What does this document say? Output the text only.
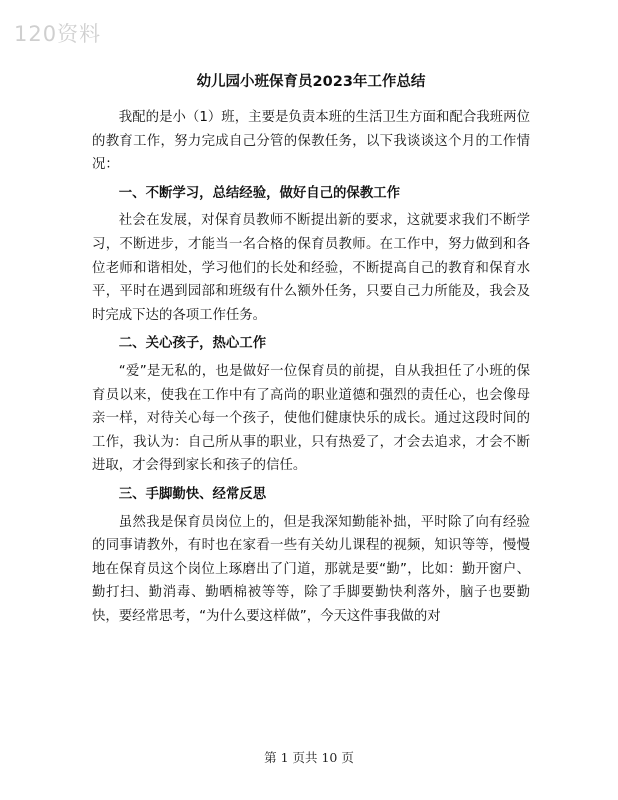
120资料
幼儿园小班保育员2023年工作总结

我配的是小（1）班，主要是负责本班的生活卫生方面和配合我班两位的教育工作，努力完成自己分管的保教任务，以下我谈谈这个月的工作情况：

一、不断学习，总结经验，做好自己的保教工作

社会在发展，对保育员教师不断提出新的要求，这就要求我们不断学习，不断进步，才能当一名合格的保育员教师。在工作中，努力做到和各位老师和谐相处，学习他们的长处和经验，不断提高自己的教育和保育水平，平时在遇到园部和班级有什么额外任务，只要自己力所能及，我会及时完成下达的各项工作任务。

二、关心孩子，热心工作

“爱”是无私的，也是做好一位保育员的前提，自从我担任了小班的保育员以来，使我在工作中有了高尚的职业道德和强烈的责任心，也会像母亲一样，对待关心每一个孩子，使他们健康快乐的成长。通过这段时间的工作，我认为：自己所从事的职业，只有热爱了，才会去追求，才会不断进取，才会得到家长和孩子的信任。

三、手脚勤快、经常反思

虽然我是保育员岗位上的，但是我深知勤能补拙，平时除了向有经验的同事请教外，有时也在家看一些有关幼儿课程的视频，知识等等，慢慢地在保育员这个岗位上琢磨出了门道，那就是要“勤”，比如：勤开窗户、勤打扫、勤消毒、勤晒棉被等等，除了手脚要勤快利落外，脑子也要勤快，要经常思考，“为什么要这样做”，今天这件事我做的对

第 1 页共 10 页
